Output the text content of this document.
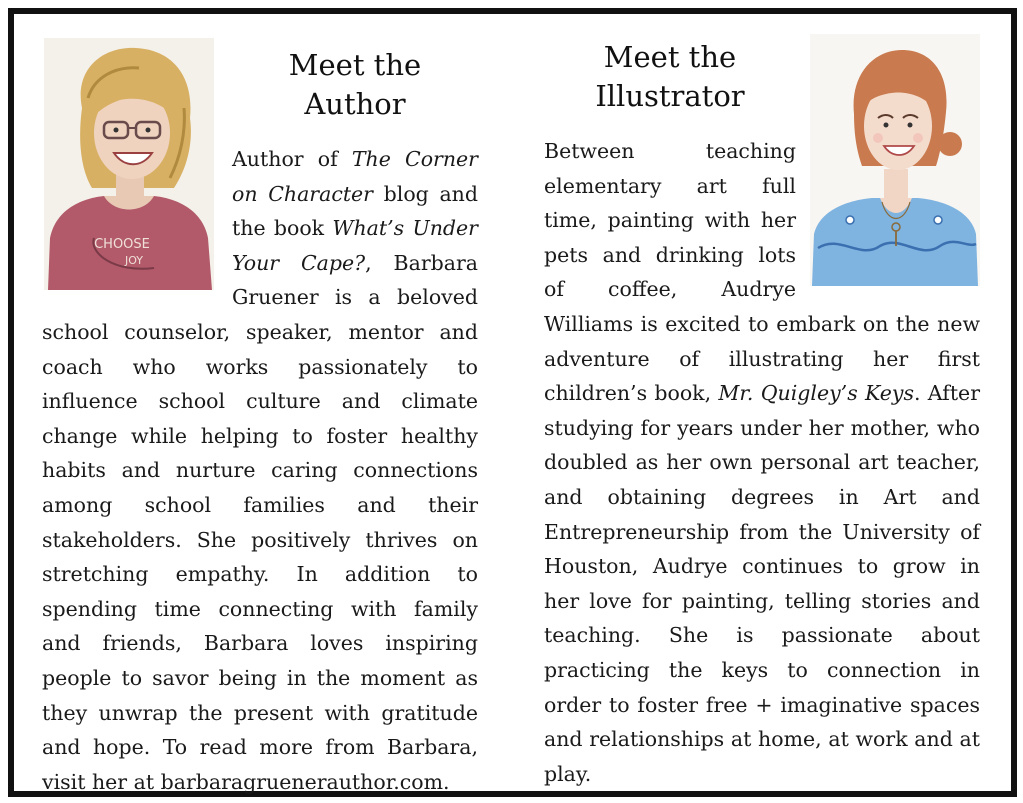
CHOOSE
JOY
Meet the
Author

Author of The Corner on Character blog and the book What’s Under Your Cape?, Barbara Gruener is a beloved school counselor, speaker, mentor and coach who works passionately to influence school culture and climate change while helping to foster healthy habits and nurture caring connections among school families and their stakeholders. She positively thrives on stretching empathy. In addition to spending time connecting with family and friends, Barbara loves inspiring people to savor being in the moment as they unwrap the present with gratitude and hope. To read more from Barbara, visit her at barbaragruenerauthor.com.

Meet the
Illustrator

Between teaching elementary art full time, painting with her pets and drinking lots of coffee, Audrye Williams is excited to embark on the new adventure of illustrating her first children’s book, Mr. Quigley’s Keys. After studying for years under her mother, who doubled as her own personal art teacher, and obtaining degrees in Art and Entrepreneurship from the University of Houston, Audrye continues to grow in her love for painting, telling stories and teaching. She is passionate about practicing the keys to connection in order to foster free + imaginative spaces and relationships at home, at work and at play.
